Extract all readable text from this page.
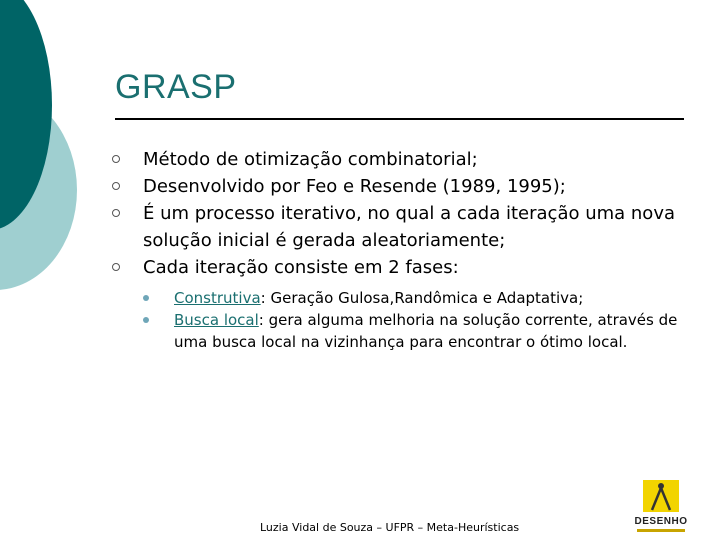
GRASP
Método de otimização combinatorial;
Desenvolvido por Feo e Resende (1989, 1995);
É um processo iterativo, no qual a cada iteração uma nova solução inicial é gerada aleatoriamente;
Cada iteração consiste em 2 fases:
Construtiva: Geração Gulosa,Randômica e Adaptativa;
Busca local: gera alguma melhoria na solução corrente, através de uma busca local na vizinhança para encontrar o ótimo local.
Luzia Vidal de Souza – UFPR – Meta-Heurísticas	DESENHO
